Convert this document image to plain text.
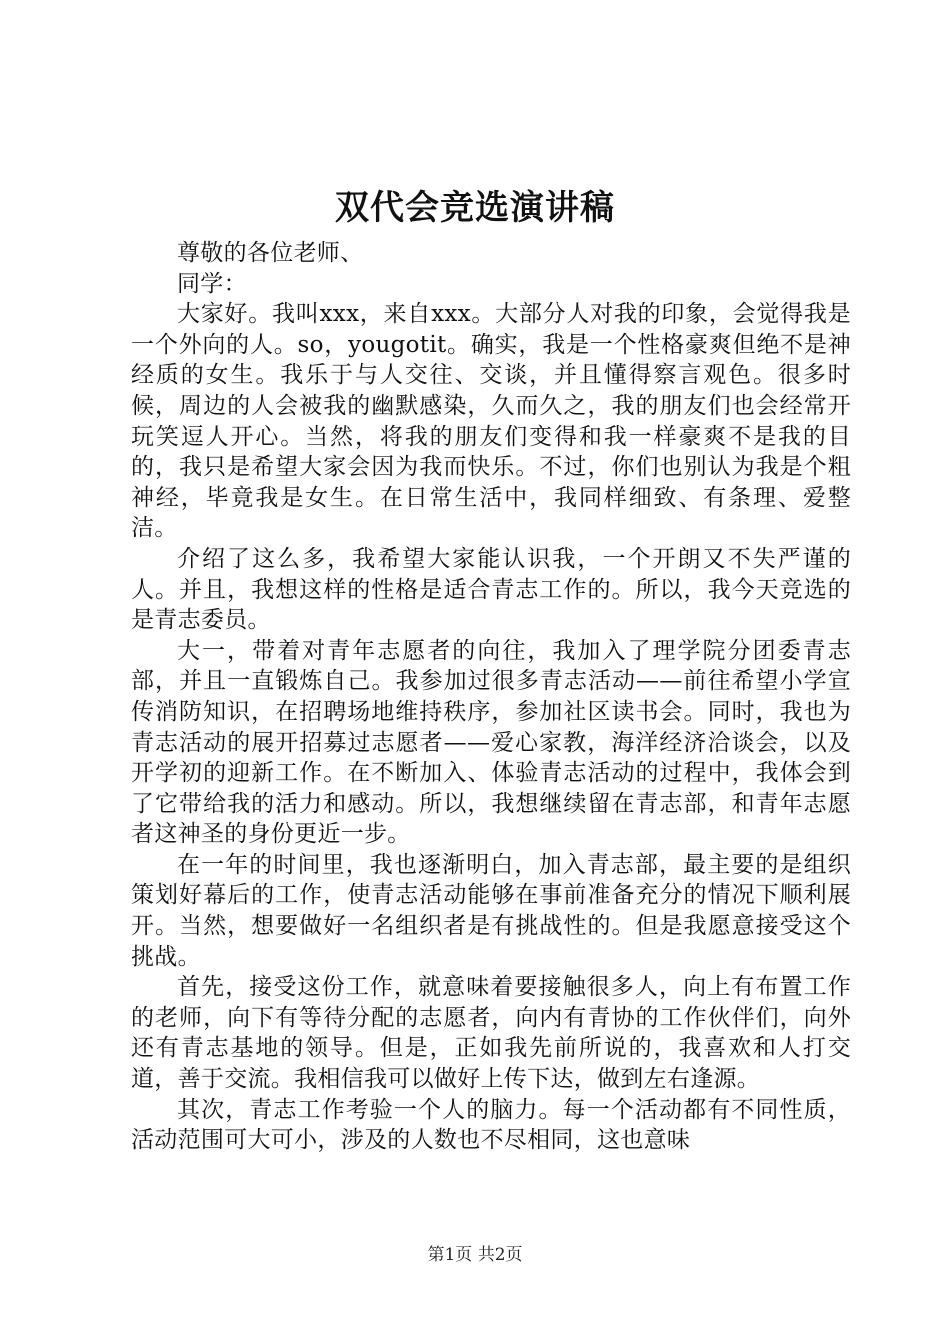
双代会竞选演讲稿

尊敬的各位老师、

同学：

大家好。我叫xxx，来自xxx。大部分人对我的印象，会觉得我是一个外向的人。so，yougotit。确实，我是一个性格豪爽但绝不是神经质的女生。我乐于与人交往、交谈，并且懂得察言观色。很多时候，周边的人会被我的幽默感染，久而久之，我的朋友们也会经常开玩笑逗人开心。当然，将我的朋友们变得和我一样豪爽不是我的目的，我只是希望大家会因为我而快乐。不过，你们也别认为我是个粗神经，毕竟我是女生。在日常生活中，我同样细致、有条理、爱整洁。

介绍了这么多，我希望大家能认识我，一个开朗又不失严谨的人。并且，我想这样的性格是适合青志工作的。所以，我今天竞选的是青志委员。

大一，带着对青年志愿者的向往，我加入了理学院分团委青志部，并且一直锻炼自己。我参加过很多青志活动——前往希望小学宣传消防知识，在招聘场地维持秩序，参加社区读书会。同时，我也为青志活动的展开招募过志愿者——爱心家教，海洋经济洽谈会，以及开学初的迎新工作。在不断加入、体验青志活动的过程中，我体会到了它带给我的活力和感动。所以，我想继续留在青志部，和青年志愿者这神圣的身份更近一步。

在一年的时间里，我也逐渐明白，加入青志部，最主要的是组织策划好幕后的工作，使青志活动能够在事前准备充分的情况下顺利展开。当然，想要做好一名组织者是有挑战性的。但是我愿意接受这个挑战。

首先，接受这份工作，就意味着要接触很多人，向上有布置工作的老师，向下有等待分配的志愿者，向内有青协的工作伙伴们，向外还有青志基地的领导。但是，正如我先前所说的，我喜欢和人打交道，善于交流。我相信我可以做好上传下达，做到左右逢源。

其次，青志工作考验一个人的脑力。每一个活动都有不同性质，活动范围可大可小，涉及的人数也不尽相同，这也意味

第1页 共2页
